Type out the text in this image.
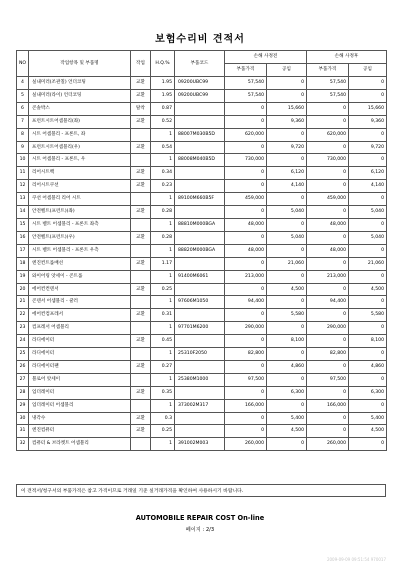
보험수리비 견적서
NO	작업항목 및 부품명	작업	H.Q.%	부품코드	손해 사정전		손해 사정후	
					부품가격	공임	부품가격	공임
4	실내미러(조관칠) 언더코팅	교환	1.95	09200UBC99	57,540	0	57,540	0
5	실내미러(라이) 언더코팅	교환	1.95	09200UBC99	57,540	0	57,540	0
6	콘솔박스	탈착	0.87		0	15,660	0	15,660
7	프런트시트어셈블리(좌)	교환	0.52		0	9,360	0	9,360
8	시트 어셈블리 - 프론트, 좌		1	88007M030B5D	620,000	0	620,000	0
9	프런트시트어셈블리(우)	교환	0.54		0	9,720	0	9,720
10	시트 어셈블리 - 프론트, 우		1	88008M040B5D	730,000	0	730,000	0
11	리어시트백	교환	0.34		0	6,120	0	6,120
12	리어시트쿠션	교환	0.23		0	4,140	0	4,140
13	쿠션 어셈블리 리어 시트		1	89100M660B5F	459,000	0	459,000	0
14	안전벨트(프런트)(좌)	교환	0.28		0	5,040	0	5,040
15	시트 벨트 어셈블리 - 프론트 좌측		1	88810M000BGA	48,000	0	48,000	0
16	안전벨트(프런트)(우)	교환	0.28		0	5,040	0	5,040
17	시트 벨트 어셈블리 - 프론트 우측		1	88820M000BGA	48,000	0	48,000	0
18	엔진컨트롤배선	교환	1.17		0	21,060	0	21,060
19	와이어링 앗세이 - 콘트롤		1	91400M6061	213,000	0	213,000	0
20	에어컨컨덴서	교환	0.25		0	4,500	0	4,500
21	콘덴서 어셈블리 - 쿨러		1	97606M1050	94,400	0	94,400	0
22	에어컨컴프레서	교환	0.31		0	5,580	0	5,580
23	컴프레서 어셈블리		1	97701M6200	290,000	0	290,000	0
24	라디에이터	교환	0.45		0	8,100	0	8,100
25	라디에이터		1	25310F2050	82,800	0	82,800	0
26	라디에이터팬	교환	0.27		0	4,860	0	4,860
27	블로어 앗세이		1	25380M1000	97,500	0	97,500	0
28	업더레이터	교환	0.35		0	6,300	0	6,300
29	업더레이터 어셈블리		1	373002M317	166,000	0	166,000	0
30	냉각수	교환	0.3		0	5,400	0	5,400
31	엔진컴퓨터	교환	0.25		0	4,500	0	4,500
32	컴퓨터 & 브라켓트 어셈블리		1	391002M003	260,000	0	260,000	0
이 견적서/청구서의 부품가격은 참고 가격이므로 거래일 기준 실거래가격을 확인하여 사용하시기 바랍니다.
AUTOMOBILE REPAIR COST On-line
페이지 : 2/3
2009-09-09 09:51:54 970017
